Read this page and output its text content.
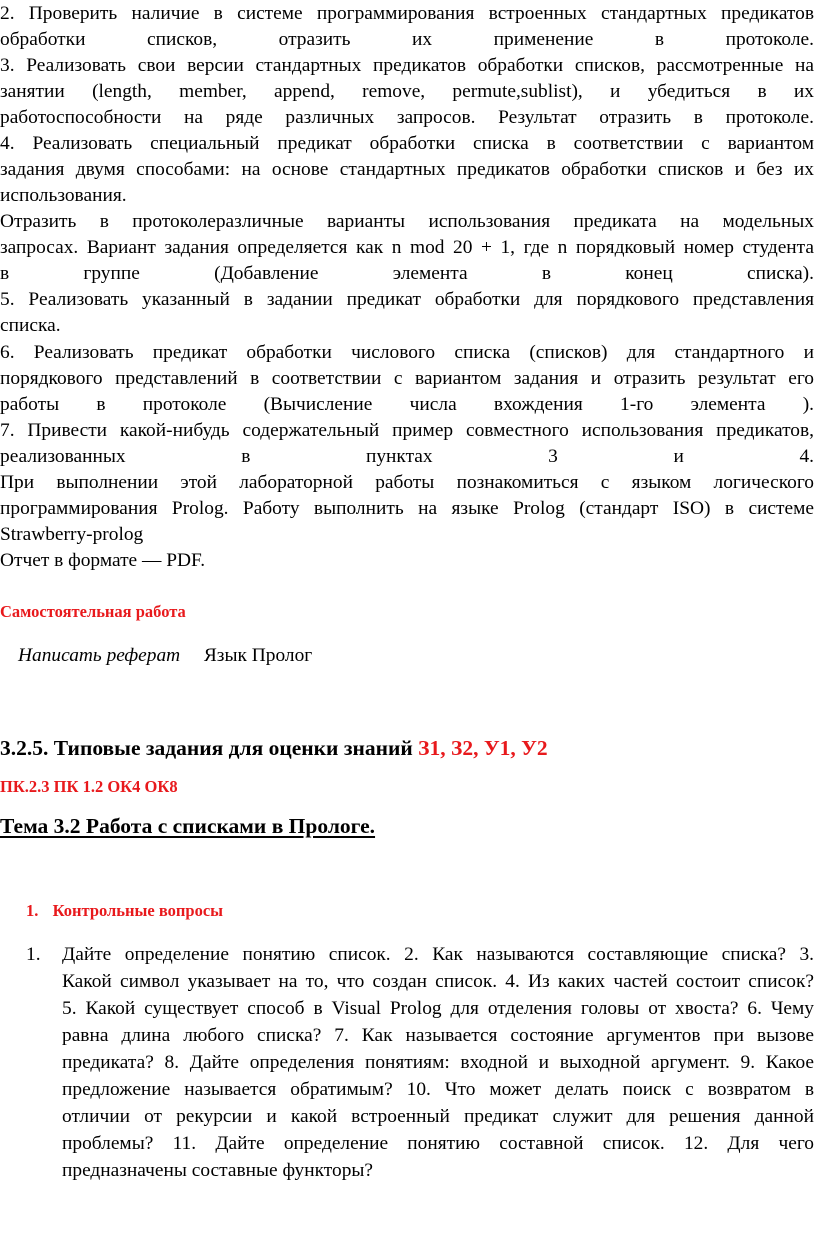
2. Проверить наличие в системе программирования встроенных стандартных предикатов
обработки списков, отразить их применение в протоколе.
3. Реализовать свои версии стандартных предикатов обработки списков, рассмотренные на
занятии (length, member, append, remove, permute,sublist), и убедиться в их
работоспособности на ряде различных запросов. Результат отразить в протоколе.
4. Реализовать специальный предикат обработки списка в соответствии с вариантом
задания двумя способами: на основе стандартных предикатов обработки списков и без их
использования.
Отразить в протоколеразличные варианты использования предиката на модельных
запросах. Вариант задания определяется как n mod 20 + 1, где n порядковый номер студента
в группе (Добавление элемента в конец списка).
5. Реализовать указанный в задании предикат обработки для порядкового представления
списка.
6. Реализовать предикат обработки числового списка (списков) для стандартного и
порядкового представлений в соответствии с вариантом задания и отразить результат его
работы в протоколе (Вычисление числа вхождения 1-го элемента ).
7. Привести какой-нибудь содержательный пример совместного использования предикатов,
реализованных в пунктах 3 и 4.
При выполнении этой лабораторной работы познакомиться с языком логического
программирования Prolog. Работу выполнить на языке Prolog (стандарт ISO) в системе
Strawberry-prolog
Отчет в формате — PDF.
Самостоятельная работа
Написать реферат Язык Пролог
3.2.5. Типовые задания для оценки знаний З1, З2, У1, У2
ПК.2.3 ПК 1.2 ОК4 ОК8
Тема 3.2 Работа с списками в Прологе.
1. Контрольные вопросы
1.	Дайте определение понятию список. 2. Как называются составляющие списка? 3.
Какой символ указывает на то, что создан список. 4. Из каких частей состоит список?
5. Какой существует способ в Visual Prolog для отделения головы от хвоста? 6. Чему
равна длина любого списка? 7. Как называется состояние аргументов при вызове
предиката? 8. Дайте определения понятиям: входной и выходной аргумент. 9. Какое
предложение называется обратимым? 10. Что может делать поиск с возвратом в
отличии от рекурсии и какой встроенный предикат служит для решения данной
проблемы? 11. Дайте определение понятию составной список. 12. Для чего
предназначены составные функторы?
